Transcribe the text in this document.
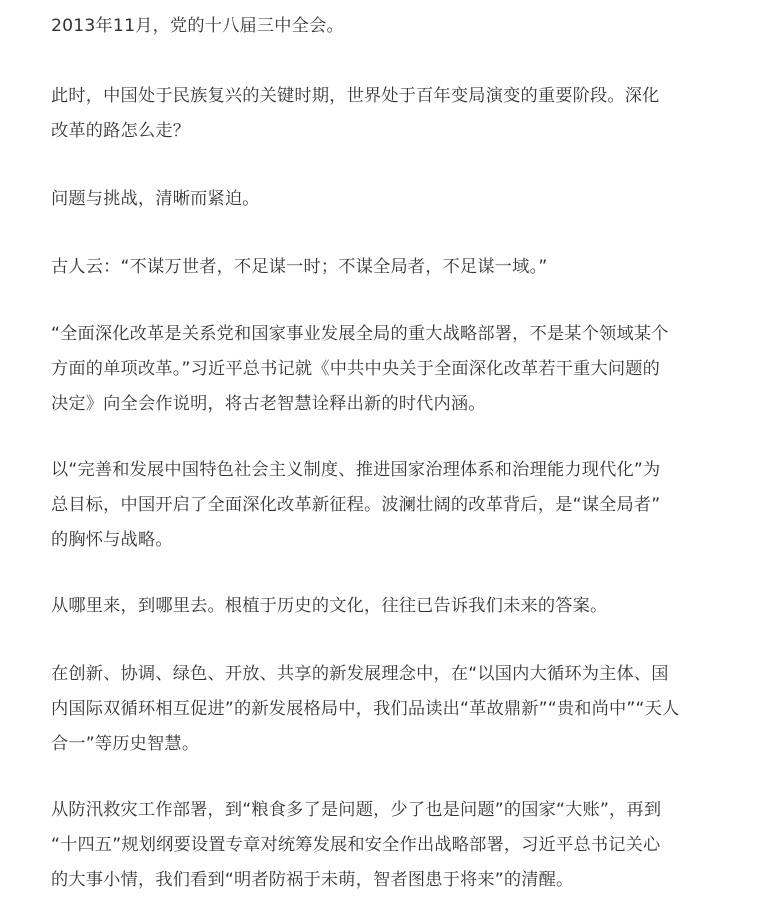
2013年11月，党的十八届三中全会。

此时，中国处于民族复兴的关键时期，世界处于百年变局演变的重要阶段。深化
改革的路怎么走？

问题与挑战，清晰而紧迫。

古人云：“不谋万世者，不足谋一时；不谋全局者，不足谋一域。”

“全面深化改革是关系党和国家事业发展全局的重大战略部署，不是某个领域某个
方面的单项改革。”习近平总书记就《中共中央关于全面深化改革若干重大问题的
决定》向全会作说明，将古老智慧诠释出新的时代内涵。

以“完善和发展中国特色社会主义制度、推进国家治理体系和治理能力现代化”为
总目标，中国开启了全面深化改革新征程。波澜壮阔的改革背后，是“谋全局者”
的胸怀与战略。

从哪里来，到哪里去。根植于历史的文化，往往已告诉我们未来的答案。

在创新、协调、绿色、开放、共享的新发展理念中，在“以国内大循环为主体、国
内国际双循环相互促进”的新发展格局中，我们品读出“革故鼎新”“贵和尚中”“天人
合一”等历史智慧。

从防汛救灾工作部署，到“粮食多了是问题，少了也是问题”的国家“大账”，再到
“十四五”规划纲要设置专章对统筹发展和安全作出战略部署，习近平总书记关心
的大事小情，我们看到“明者防祸于未萌，智者图患于将来”的清醒。
